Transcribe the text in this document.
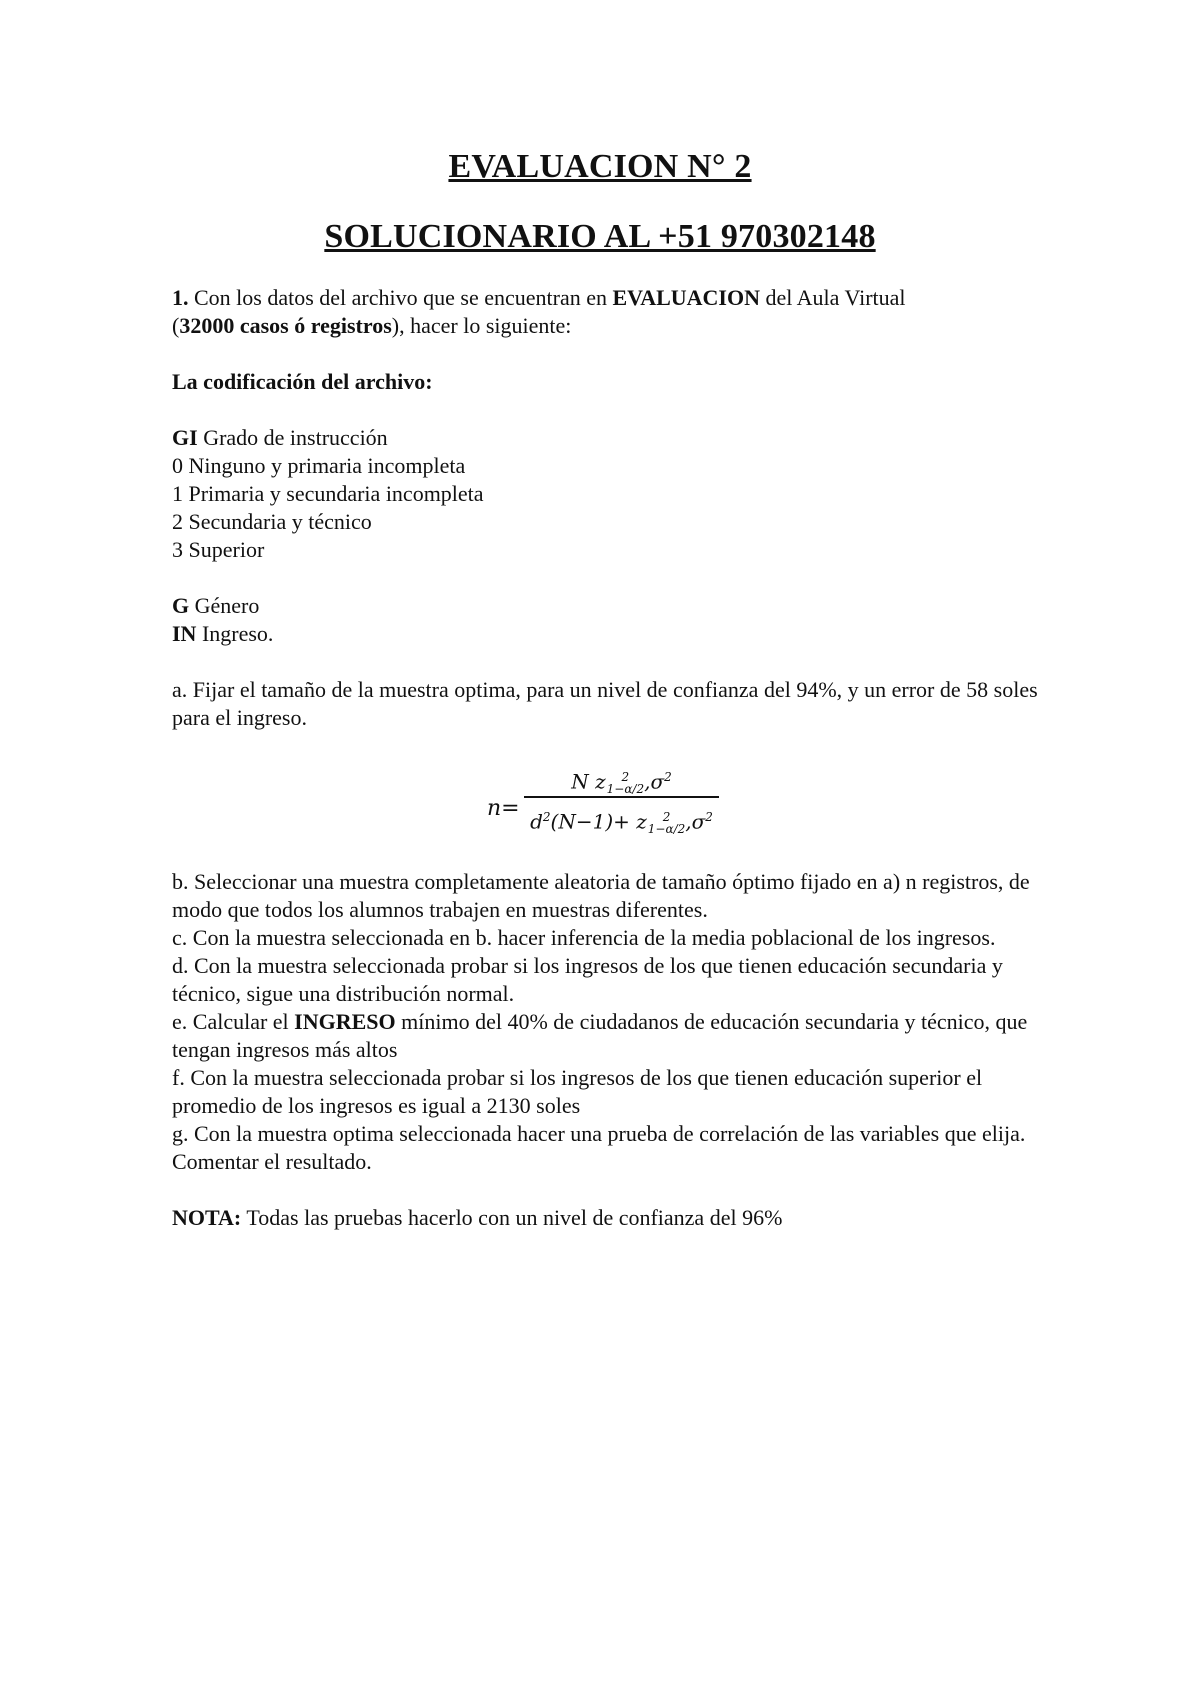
EVALUACION N° 2
SOLUCIONARIO AL +51 970302148

1. Con los datos del archivo que se encuentran en EVALUACION del Aula Virtual
(32000 casos ó registros), hacer lo siguiente:

La codificación del archivo:

GI Grado de instrucción

0 Ninguno y primaria incompleta

1 Primaria y secundaria incompleta

2 Secundaria y técnico

3 Superior

G Género

IN Ingreso.

a. Fijar el tamaño de la muestra optima, para un nivel de confianza del 94%, y un error de 58 soles para el ingreso.

n=
N z	2
1−α/2 $,\sigma^2$
$d^2(N-1)+ z$	2
1−α/2 $,\sigma^2$

b. Seleccionar una muestra completamente aleatoria de tamaño óptimo fijado en a) n registros, de modo que todos los alumnos trabajen en muestras diferentes.

c. Con la muestra seleccionada en b. hacer inferencia de la media poblacional de los ingresos.

d. Con la muestra seleccionada probar si los ingresos de los que tienen educación secundaria y técnico, sigue una distribución normal.

e. Calcular el INGRESO mínimo del 40% de ciudadanos de educación secundaria y técnico, que tengan ingresos más altos

f. Con la muestra seleccionada probar si los ingresos de los que tienen educación superior el promedio de los ingresos es igual a 2130 soles

g. Con la muestra optima seleccionada hacer una prueba de correlación de las variables que elija. Comentar el resultado.

NOTA: Todas las pruebas hacerlo con un nivel de confianza del 96%
